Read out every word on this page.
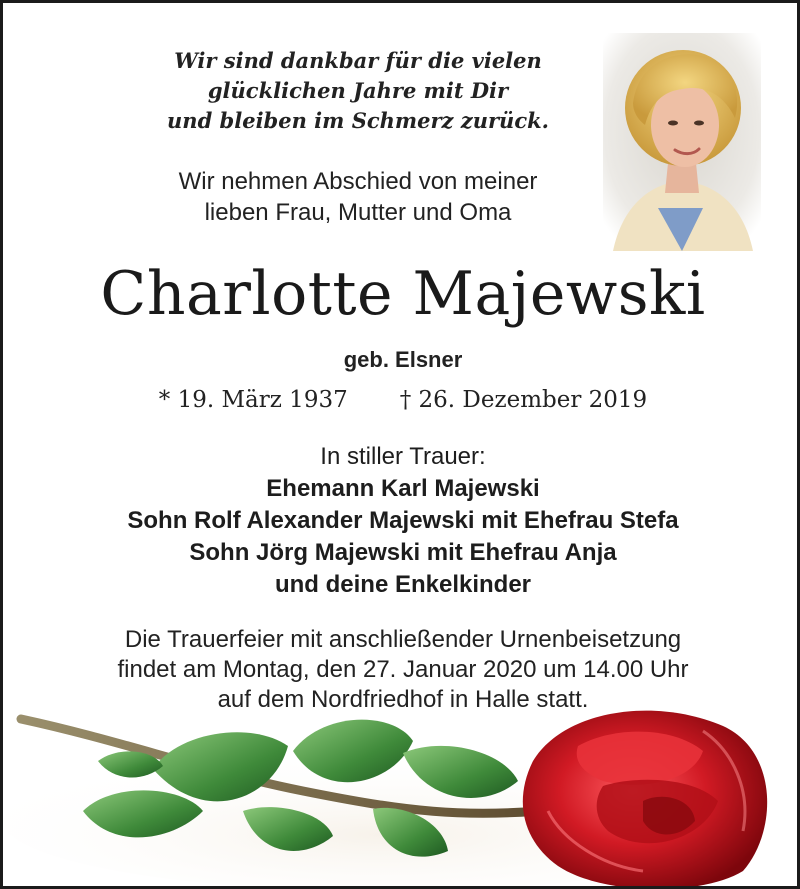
Wir sind dankbar für die vielen
glücklichen Jahre mit Dir
und bleiben im Schmerz zurück.
Wir nehmen Abschied von meiner
lieben Frau, Mutter und Oma
Charlotte Majewski
geb. Elsner
* 19. März 1937 † 26. Dezember 2019
In stiller Trauer:
Ehemann Karl Majewski
Sohn Rolf Alexander Majewski mit Ehefrau Stefa
Sohn Jörg Majewski mit Ehefrau Anja
und deine Enkelkinder
Die Trauerfeier mit anschließender Urnenbeisetzung
findet am Montag, den 27. Januar 2020 um 14.00 Uhr
auf dem Nordfriedhof in Halle statt.
